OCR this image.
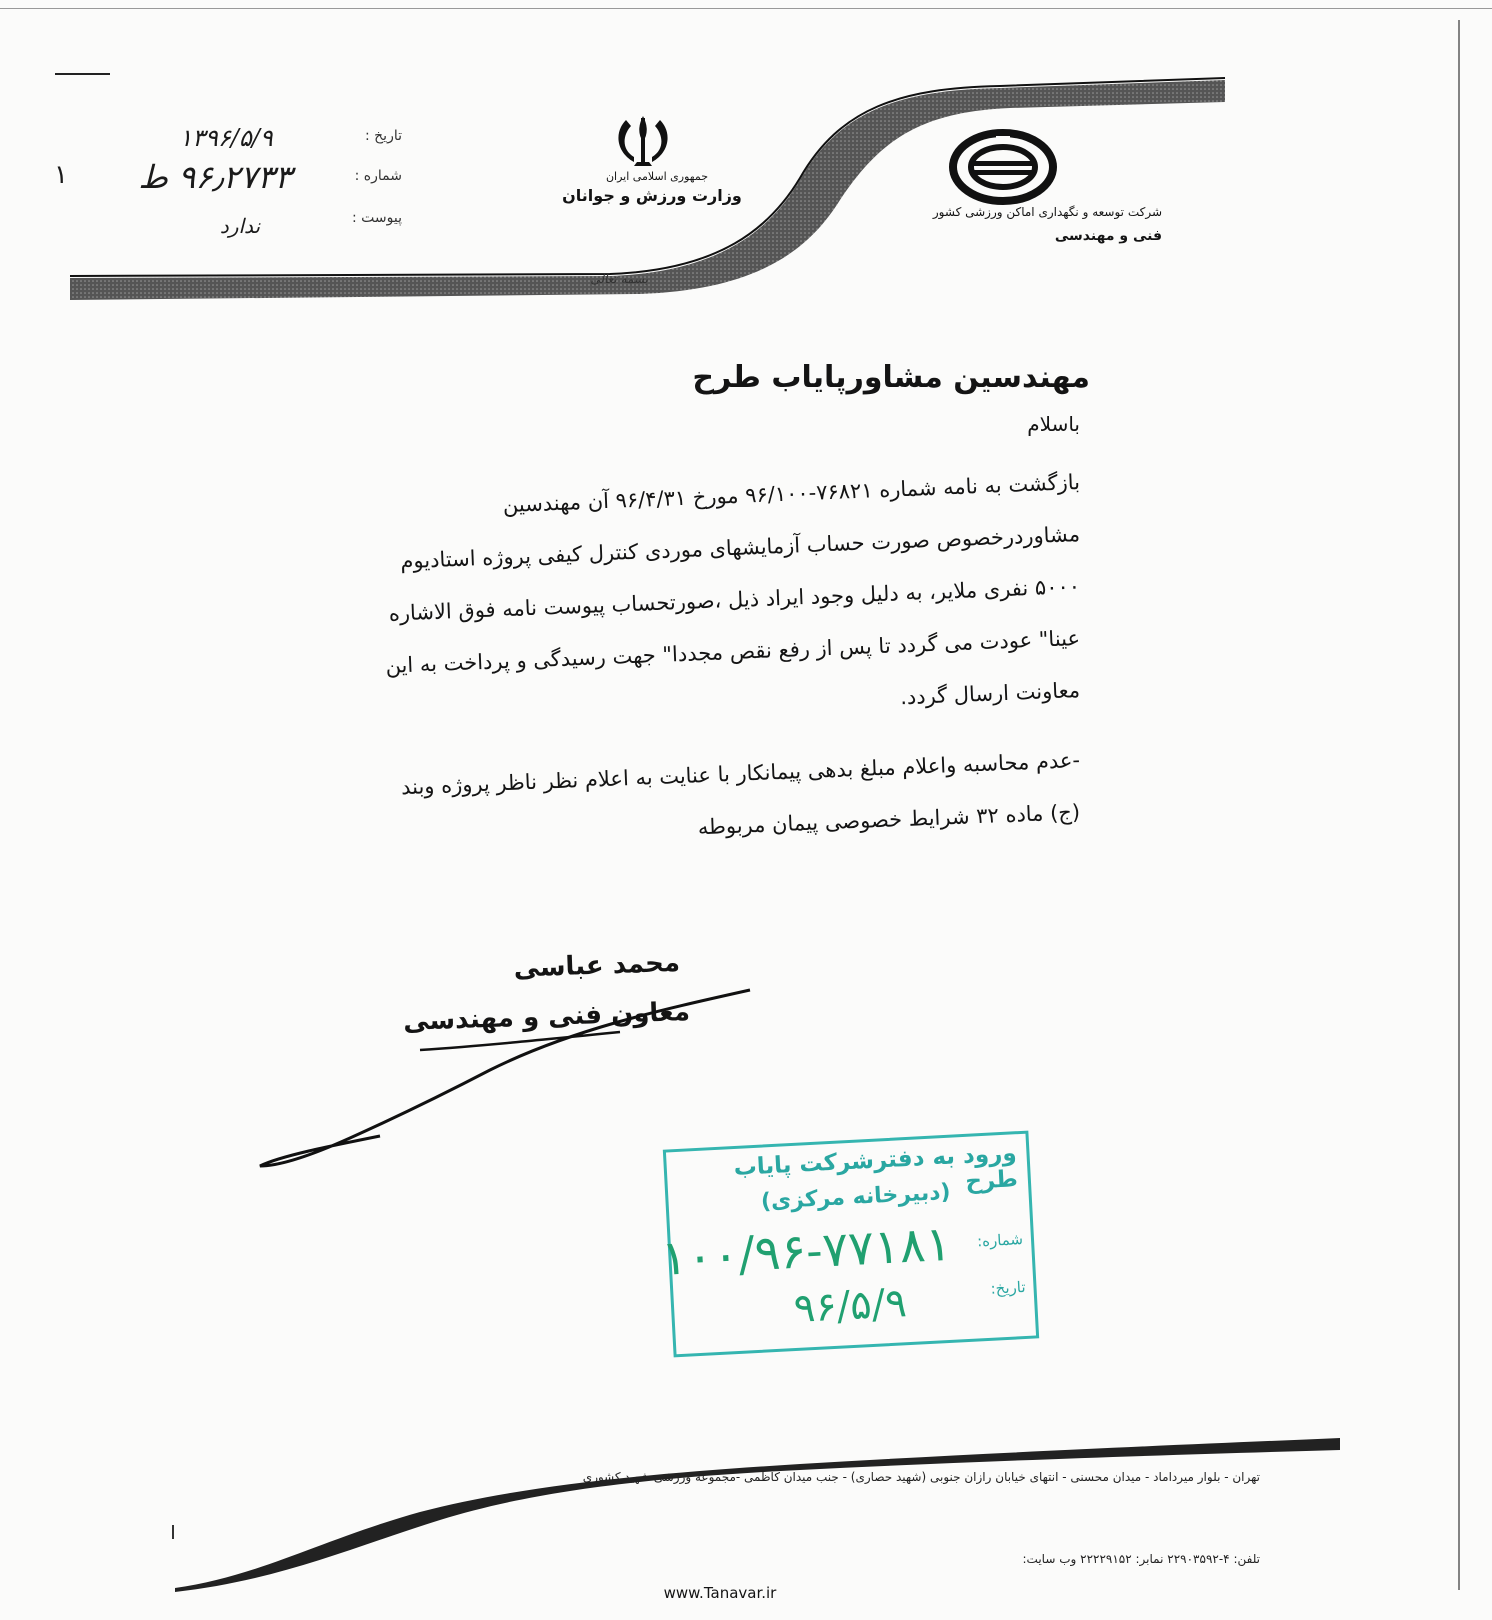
جمهوری اسلامی ایران
وزارت ورزش و جوانان
شرکت توسعه و نگهداری اماکن ورزشی کشور
فنی و مهندسی
بسمه تعالی
تاریخ :
۱۳۹۶/۵/۹
شماره :
۹۶٫۲۷۳۳ ط
پیوست :
ندارد
۱
مهندسین مشاورپایاب طرح
باسلام
بازگشت به نامه شماره ۷۶۸۲۱-۹۶/۱۰۰ مورخ ۹۶/۴/۳۱ آن مهندسین
مشاوردرخصوص صورت حساب آزمایشهای موردی کنترل کیفی پروژه استادیوم
۵۰۰۰ نفری ملایر، به دلیل وجود ایراد ذیل ،صورتحساب پیوست نامه فوق الاشاره
عینا" عودت می گردد تا پس از رفع نقص مجددا" جهت رسیدگی و پرداخت به این
معاونت ارسال گردد.
-عدم محاسبه واعلام مبلغ بدهی پیمانکار با عنایت به اعلام نظر ناظر پروژه وبند
(ج) ماده ۳۲ شرایط خصوصی پیمان مربوطه
محمد عباسی
معاون فنی و مهندسی
ورود به دفترشرکت پایاب طرح
(دبیرخانه مرکزی)
شماره:
تاریخ:
۱۰۰/۹۶-۷۷۱۸۱
۹۶/۵/۹
تهران - بلوار میرداماد - میدان محسنی - انتهای خیابان رازان جنوبی (شهید حصاری) - جنب میدان کاظمی -مجموعه ورزشی شهید کشوری
تلفن: ۴-۲۲۹۰۳۵۹۲ نمابر: ۲۲۲۲۹۱۵۲ وب سایت:
www.Tanavar.ir
